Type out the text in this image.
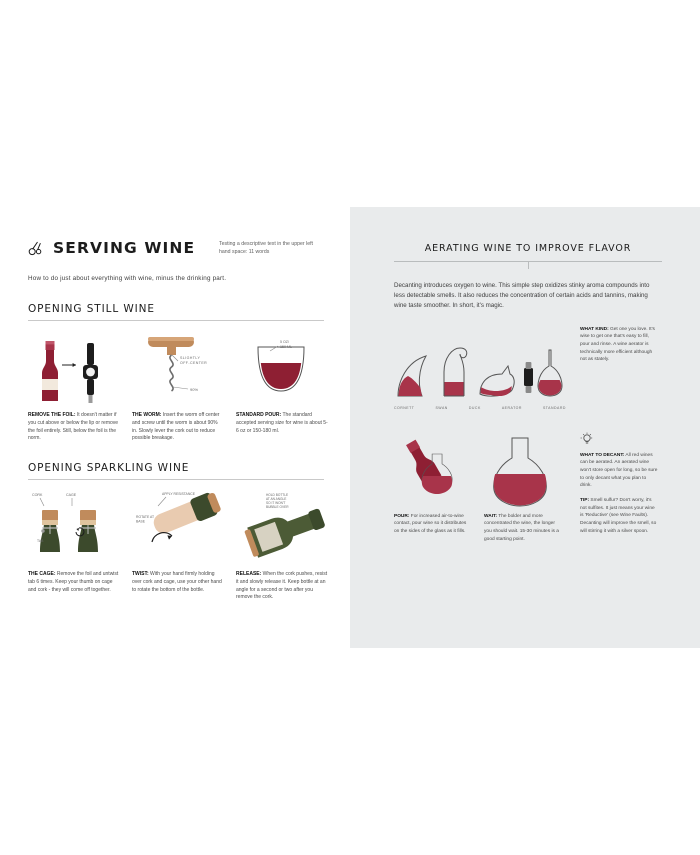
SERVING WINE	Testing a descriptive text in the upper left hand space: 11 words
How to do just about everything with wine, minus the drinking part.
OPENING STILL WINE
REMOVE THE FOIL: It doesn't matter if you cut above or below the lip or remove the foil entirely. Still, below the foil is the norm.
SLIGHTLY
OFF-CENTER
90%
THE WORM: Insert the worm off center and screw until the worm is about 90% in. Slowly lever the cork out to reduce possible breakage.
5 OZ/
150 ML
STANDARD POUR: The standard accepted serving size for wine is about 5-6 oz or 150-180 ml.
OPENING SPARKLING WINE
CORK	CAGE
TAB
THE CAGE: Remove the foil and untwist tab 6 times. Keep your thumb on cage and cork - they will come off together.
APPLY RESISTANCE
ROTATE AT
BASE
TWIST: With your hand firmly holding over cork and cage, use your other hand to rotate the bottom of the bottle.
HOLD BOTTLE
AT AN ANGLE
SO IT WON'T
BUBBLE OVER
RELEASE: When the cork pushes, resist it and slowly release it. Keep bottle at an angle for a second or two after you remove the cork.
AERATING WINE TO IMPROVE FLAVOR
Decanting introduces oxygen to wine. This simple step oxidizes stinky aroma compounds into less detectable smells. It also reduces the concentration of certain acids and tannins, making wine taste smoother. In short, it's magic.
CORNETT	SWAN	DUCK	AERATOR	STANDARD

WHAT KIND: Get one you love. It's wise to get one that's easy to fill, pour and rinse. A wine aerator is technically more efficient although not as stately.

POUR: For increased air-to-wine contact, pour wine so it distributes on the sides of the glass as it fills.
WAIT: The bolder and more concentrated the wine, the longer you should wait. 15-30 minutes is a good starting point.

WHAT TO DECANT: All red wines can be aerated. An aerated wine won't store open for long, so be sure to only decant what you plan to drink.

TIP: Smell sulfur? Don't worry, it's not sulfites. It just means your wine is 'Reductive' (see Wine Faults). Decanting will improve the smell, so will stirring it with a silver spoon.
